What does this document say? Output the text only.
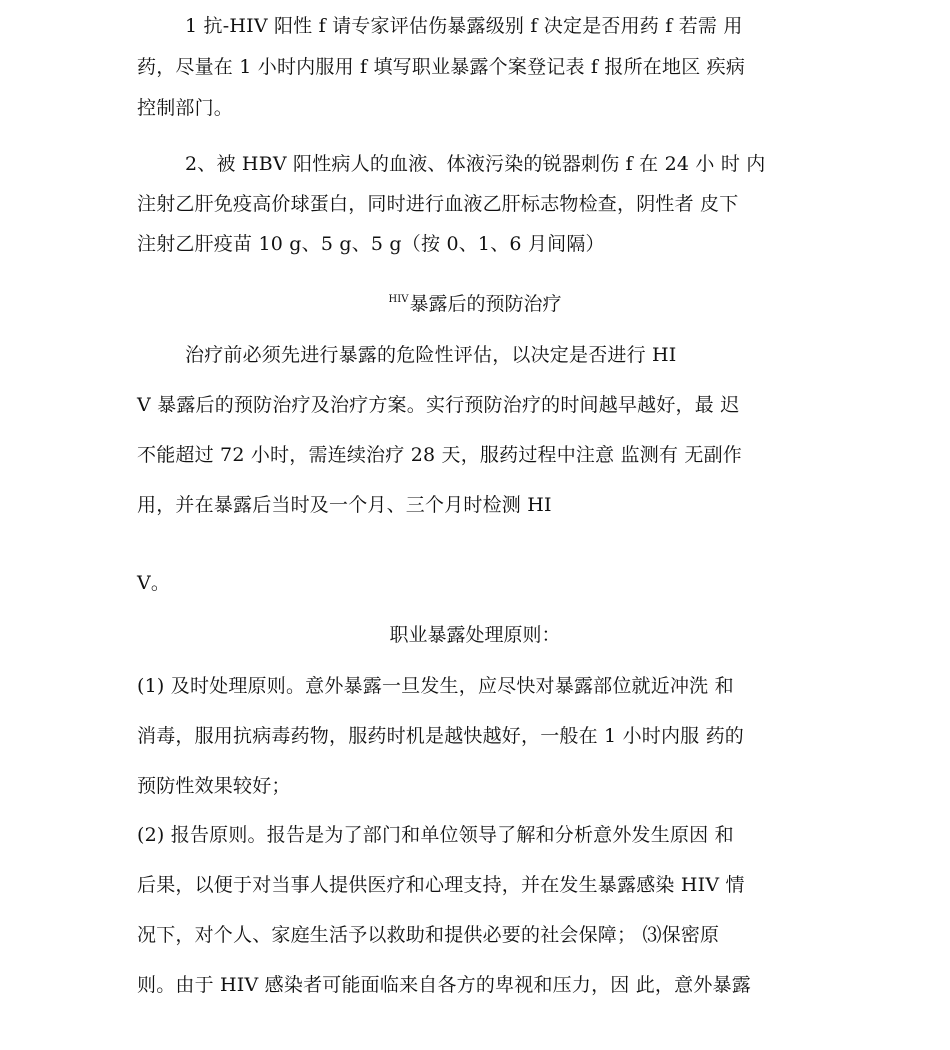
1 抗-HIV 阳性 f 请专家评估伤暴露级别 f 决定是否用药 f 若需 用
药，尽量在 1 小时内服用 f 填写职业暴露个案登记表 f 报所在地区 疾病
控制部门。
2、被 HBV 阳性病人的血液、体液污染的锐器刺伤 f 在 24 小 时 内
注射乙肝免疫高价球蛋白，同时进行血液乙肝标志物检查，阴性者 皮下
注射乙肝疫苗 10 g、5 g、5 g（按 0、1、6 月间隔）
$^{HIV}$暴露后的预防治疗
治疗前必须先进行暴露的危险性评估，以决定是否进行 HI
V 暴露后的预防治疗及治疗方案。实行预防治疗的时间越早越好，最 迟
不能超过 72 小时，需连续治疗 28 天，服药过程中注意 监测有 无副作
用，并在暴露后当时及一个月、三个月时检测 HI
V。
职业暴露处理原则：
(1) 及时处理原则。意外暴露一旦发生，应尽快对暴露部位就近冲洗 和
消毒，服用抗病毒药物，服药时机是越快越好，一般在 1 小时内服 药的
预防性效果较好；
(2) 报告原则。报告是为了部门和单位领导了解和分析意外发生原因 和
后果，以便于对当事人提供医疗和心理支持，并在发生暴露感染 HIV 情
况下，对个人、家庭生活予以救助和提供必要的社会保障； ⑶保密原
则。由于 HIV 感染者可能面临来自各方的卑视和压力，因 此，意外暴露
